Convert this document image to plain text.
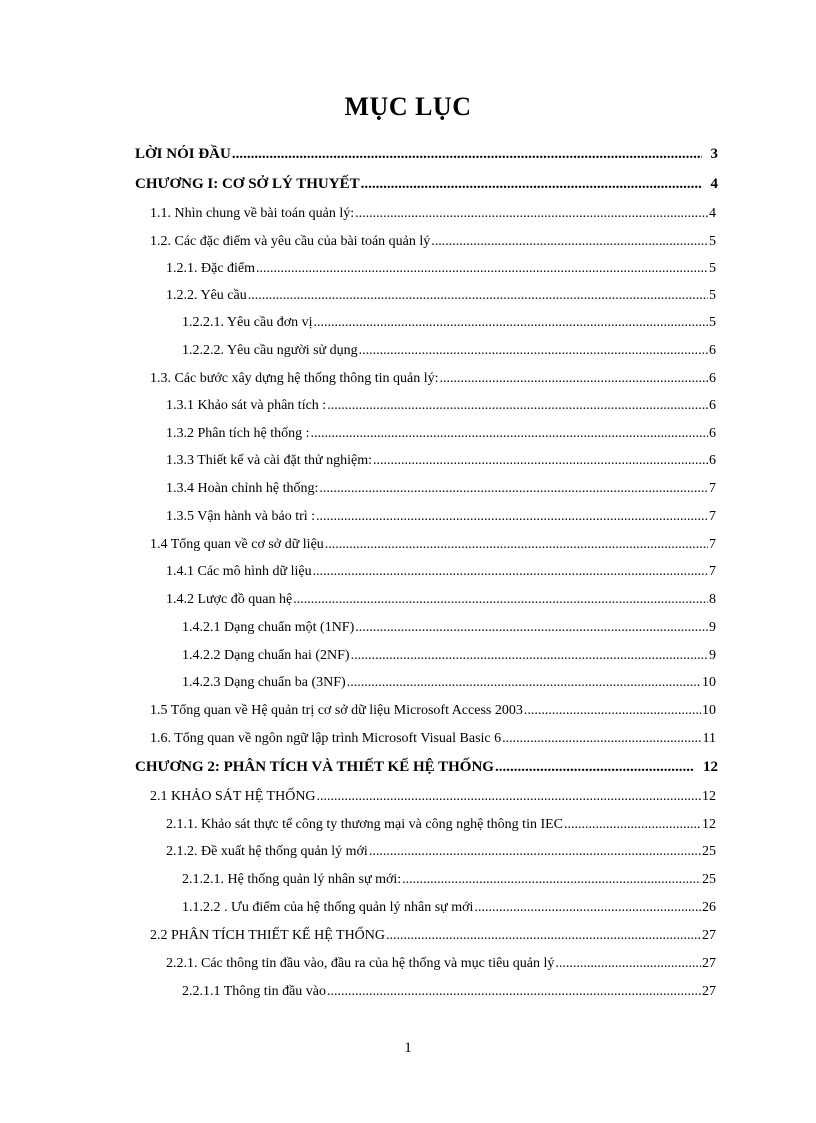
MỤC LỤC
LỜI NÓI ĐẦU .....	3
CHƯƠNG I: CƠ SỞ LÝ THUYẾT .....	4
1.1. Nhìn chung về bài toán quản lý: .....	4
1.2. Các đặc điểm và yêu cầu của bài toán quản lý .....	5
1.2.1. Đặc điểm .....	5
1.2.2. Yêu cầu .....	5
1.2.2.1. Yêu cầu đơn vị .....	5
1.2.2.2. Yêu cầu người sử dụng .....	6
1.3. Các bước xây dựng hệ thống thông tin quản lý: .....	6
1.3.1 Khảo sát và phân tích : .....	6
1.3.2 Phân tích hệ thống : .....	6
1.3.3 Thiết kế và cài đặt thử nghiệm: .....	6
1.3.4 Hoàn chỉnh hệ thống: .....	7
1.3.5 Vận hành và bảo trì : .....	7
1.4 Tổng quan về cơ sở dữ liệu .....	7
1.4.1 Các mô hình dữ liệu .....	7
1.4.2 Lược đồ quan hệ .....	8
1.4.2.1 Dạng chuẩn một (1NF) .....	9
1.4.2.2 Dạng chuẩn hai (2NF) .....	9
1.4.2.3 Dạng chuẩn ba (3NF) .....	10
1.5 Tổng quan về Hệ quản trị cơ sở dữ liệu Microsoft Access 2003 .....	10
1.6. Tổng quan về ngôn ngữ lập trình Microsoft Visual Basic 6 .....	11
CHƯƠNG 2: PHÂN TÍCH VÀ THIẾT KẾ HỆ THỐNG .....	12
2.1 KHẢO SÁT HỆ THỐNG .....	12
2.1.1. Khảo sát thực tế công ty thương mại và công nghệ thông tin IEC .....	12
2.1.2. Đề xuất hệ thống quản lý mới .....	25
2.1.2.1. Hệ thống quản lý nhân sự mới: .....	25
1.1.2.2 . Ưu điểm của hệ thống quản lý nhân sự mới .....	26
2.2 PHÂN TÍCH THIẾT KẾ HỆ THỐNG .....	27
2.2.1. Các thông tin đầu vào, đầu ra của hệ thống và mục tiêu quản lý .....	27
2.2.1.1 Thông tin đầu vào .....	27
1
